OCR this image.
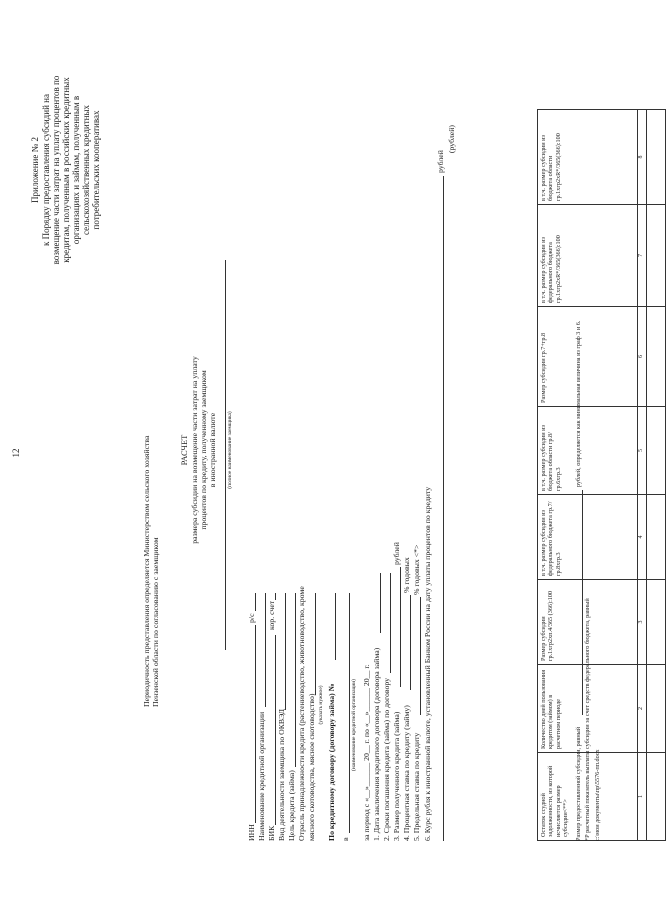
12
Приложение № 2 к Порядку предоставления субсидий на возмещение части затрат на уплату процентов по кредитам, полученным в российских кредитных организациях и займам, полученным в сельскохозяйственных кредитных потребительских кооперативах
Периодичность представления определяется Министерством сельского хозяйства Пензенской области по согласованию с заемщиком
РАСЧЕТ размера субсидии на возмещение части затрат на уплату процентов по кредиту, полученному заемщиком в иностранной валюте (полное наименование заемщика)
ИНН
р/с
Наименование кредитной организации БИК
кор. счет
Вид деятельности заемщика по ОКВЭД Цель кредита (займа) Отрасль принадлежности кредита (растениеводство, животноводство, кроме мясного скотоводства, мясное скотоводство) (указать нужное) По кредитному договору (договору займа) № в
(наименование кредитной организации) за период с «__»______ 20__ г. по «__»______ 20__ г. 1. Дата заключения кредитного договора (договора займа) 2. Сроки погашения кредита (займа) по договору 3. Размер полученного кредита (займа)
рублей
4. Процентная ставка по кредиту (займу)
% годовых
5. Предельная ставка по кредиту
% годовых <*> 6. Курс рубля к иностранной валюте, установленный Банком России на дату уплаты процентов по кредиту
рублей
(рублей)
Остаток ссудной задолженности, из которой исчисляется размер субсидии<**>	Количество дней пользования кредитом (займом) в расчетном периоде	Размер субсидии гр.1хгр2хп.4/365 (366):100	в т.ч. размер субсидии из федерального бюджета гр.7/гр.8хгр.3	в т.ч. размер субсидии из бюджета области гр.8/гр.6хгр.3	Размер субсидии гр.7+гр.8	в т.ч. размер субсидии из федерального бюджета гр.1хгр2хR*/365(366):100	в т.ч. размер субсидии из бюджета области гр.1хгр2хR*/365(366):100
1	2	3	4	5	6	7	8

Размер предоставленной субсидии, равный
рублей, определяется как минимальная величина из граф 3 и 6.
*Р расчетный показатель выплаты субсидии за счет средств федерального бюджета, равный с:\мои документы\пр\5576-пп.docx
